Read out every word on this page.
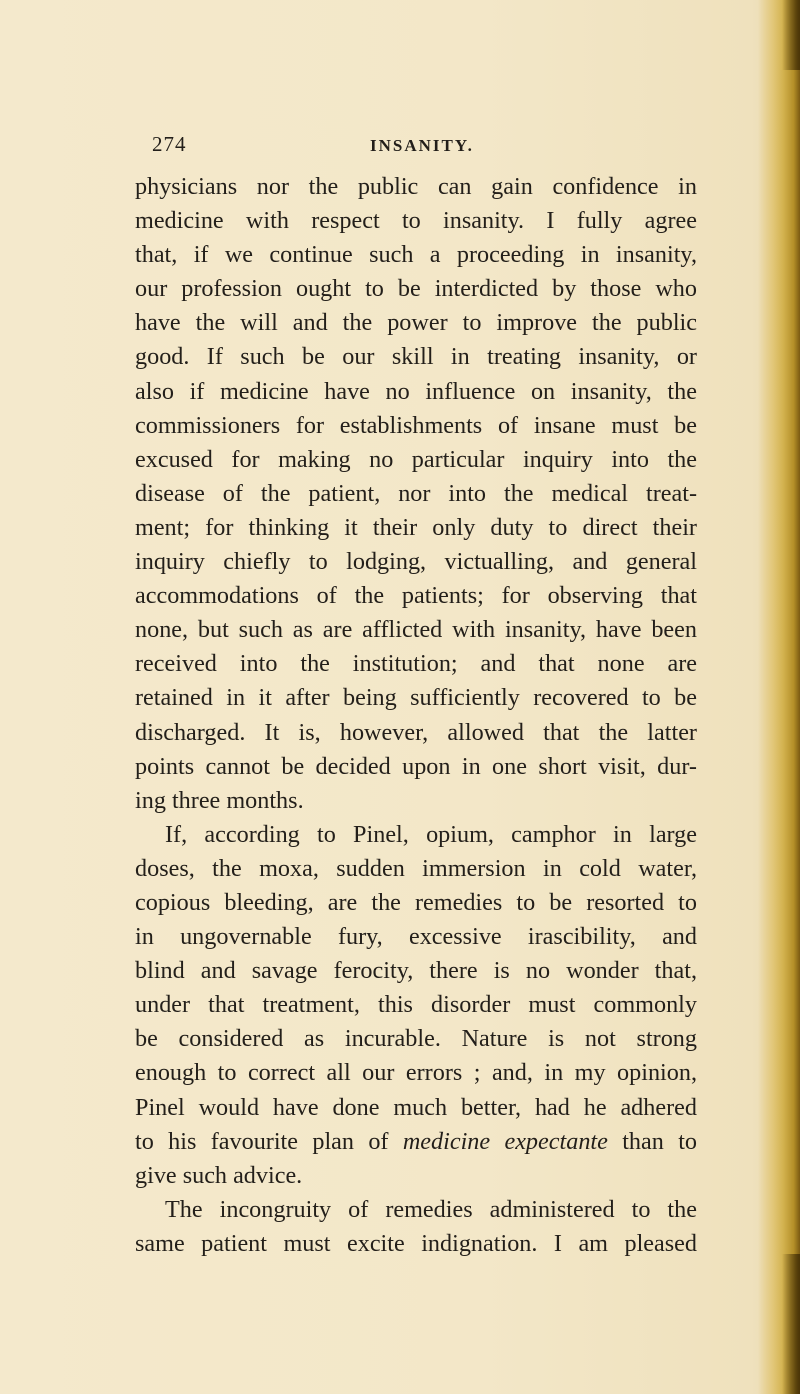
274	INSANITY.
physicians nor the public can gain confidence in
medicine with respect to insanity. I fully agree
that, if we continue such a proceeding in insanity,
our profession ought to be interdicted by those who
have the will and the power to improve the public
good. If such be our skill in treating insanity, or
also if medicine have no influence on insanity, the
commissioners for establishments of insane must be
excused for making no particular inquiry into the
disease of the patient, nor into the medical treat-
ment; for thinking it their only duty to direct their
inquiry chiefly to lodging, victualling, and general
accommodations of the patients; for observing that
none, but such as are afflicted with insanity, have been
received into the institution; and that none are
retained in it after being sufficiently recovered to be
discharged. It is, however, allowed that the latter
points cannot be decided upon in one short visit, dur-
ing three months.
If, according to Pinel, opium, camphor in large
doses, the moxa, sudden immersion in cold water,
copious bleeding, are the remedies to be resorted to
in ungovernable fury, excessive irascibility, and
blind and savage ferocity, there is no wonder that,
under that treatment, this disorder must commonly
be considered as incurable. Nature is not strong
enough to correct all our errors ; and, in my opinion,
Pinel would have done much better, had he adhered
to his favourite plan of medicine expectante than to
give such advice.
The incongruity of remedies administered to the
same patient must excite indignation. I am pleased
